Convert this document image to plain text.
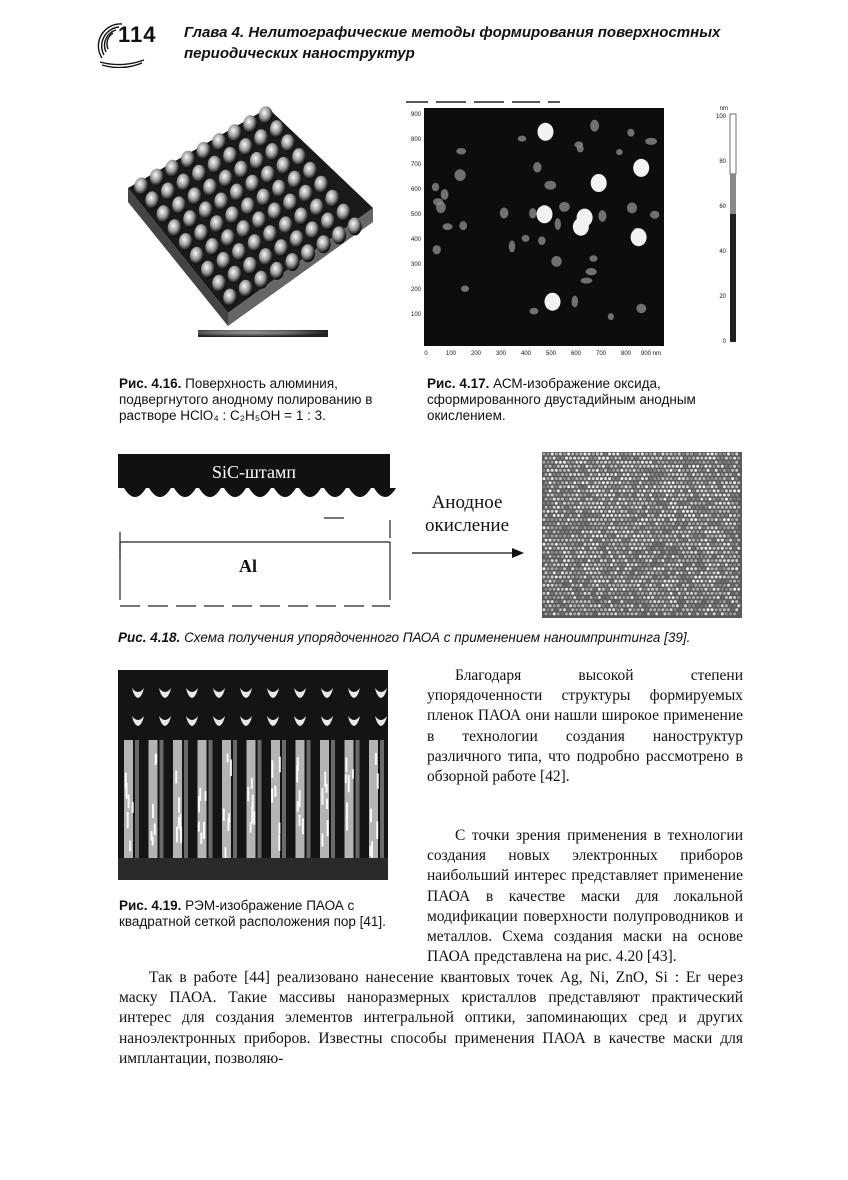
114 Глава 4. Нелитографические методы формирования поверхностных
периодических наноструктур
900
800
700
600
500
400
300
200
100
0	100 200 300 400 500 600 700 800 900 nm
100
80
60
40
20
0
nm
SiC-штамп
Al
Анодное
окисление
Рис. 4.16. Поверхность алюминия, подвергнутого анодному полированию в растворе HClO₄ : C₂H₅OH = 1 : 3.
Рис. 4.17. АСМ-изображение оксида, сформированного двустадийным анодным окислением.
Рис. 4.18. Схема получения упорядоченного ПАОА с применением наноимпринтинга [39].
Рис. 4.19. РЭМ-изображение ПАОА с квадратной сеткой расположения пор [41].

Благодаря высокой степени упорядоченности структуры формируемых пленок ПАОА они нашли широкое применение в технологии создания наноструктур различного типа, что подробно рассмотрено в обзорной работе [42].

С точки зрения применения в технологии создания новых электронных приборов наибольший интерес представляет применение ПАОА в качестве маски для локальной модификации поверхности полупроводников и металлов. Схема создания маски на основе ПАОА представлена на рис. 4.20 [43].

Так в работе [44] реализовано нанесение квантовых точек Ag, Ni, ZnO, Si : Er через маску ПАОА. Такие массивы наноразмерных кристаллов представляют практический интерес для создания элементов интегральной оптики, запоминающих сред и других наноэлектронных приборов. Известны способы применения ПАОА в качестве маски для имплантации, позволяю-
